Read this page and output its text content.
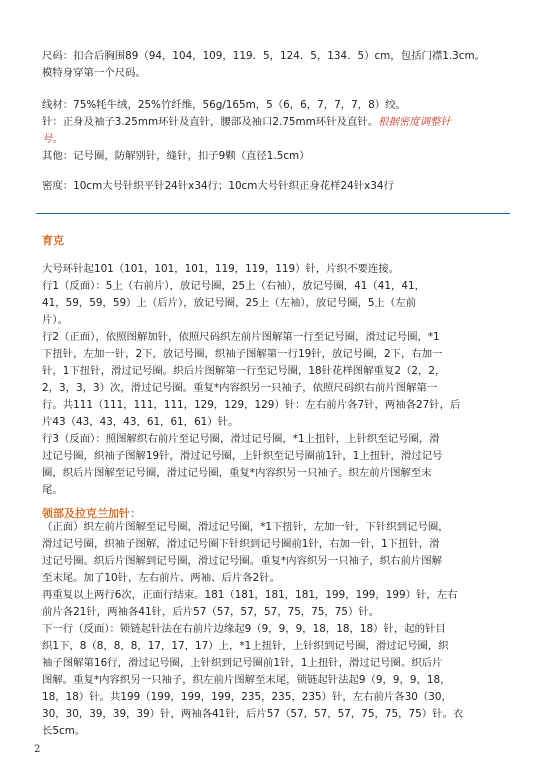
尺码：扣合后胸围89（94，104，109，119．5，124．5，134．5）cm，包括门襟1.3cm。
模特身穿第一个尺码。
线材：75%牦牛绒，25%竹纤维，56g/165m，5（6，6，7，7，7，8）绞。
针：正身及袖子3.25mm环针及直针，腰部及袖口2.75mm环针及直针。根据密度调整针
号。
其他：记号圈，防解别针，缝针，扣子9颗（直径1.5cm）
密度：10cm大号针织平针24针x34行；10cm大号针织正身花样24针x34行
育克
大号环针起101（101，101，101，119，119，119）针，片织不要连接。
行1（反面）：5上（右前片），放记号圈，25上（右袖），放记号圈，41（41，41，
41，59，59，59）上（后片），放记号圈，25上（左袖），放记号圈，5上（左前
片）。
行2（正面），依照图解加针，依照尺码织左前片图解第一行至记号圈，滑过记号圈，*1
下扭针，左加一针，2下，放记号圈，织袖子图解第一行19针，放记号圈，2下，右加一
针，1下扭针，滑过记号圈。织后片图解第一行至记号圈，18针花样图解重复2（2，2，
2，3，3，3）次，滑过记号圈。重复*内容织另一只袖子，依照尺码织右前片图解第一
行。共111（111，111，111，129，129，129）针：左右前片各7针，两袖各27针，后
片43（43，43，43，61，61，61）针。
行3（反面）：照图解织右前片至记号圈，滑过记号圈，*1上扭针，上针织至记号圈，滑
过记号圈，织袖子图解19针，滑过记号圈，上针织至记号圈前1针，1上扭针，滑过记号
圈，织后片图解至记号圈，滑过记号圈，重复*内容织另一只袖子。织左前片图解至末
尾。
领部及拉克兰加针：
（正面）织左前片图解至记号圈，滑过记号圈，*1下扭针，左加一针，下针织到记号圈，
滑过记号圈，织袖子图解，滑过记号圈下针织到记号圈前1针，右加一针，1下扭针，滑
过记号圈。织后片图解到记号圈，滑过记号圈。重复*内容织另一只袖子，织右前片图解
至末尾。加了10针，左右前片、两袖、后片各2针。
再重复以上两行6次，正面行结束。181（181，181，181，199，199，199）针，左右
前片各21针，两袖各41针，后片57（57，57，57，75，75，75）针。
下一行（反面）：锁链起针法在右前片边缘起9（9，9，9，18，18，18）针，起的针目
织1下，8（8，8，8，17，17，17）上，*1上扭针，上针织到记号圈，滑过记号圈，织
袖子图解第16行，滑过记号圈，上针织到记号圈前1针，1上扭针，滑过记号圈。织后片
图解。重复*内容织另一只袖子，织左前片图解至末尾，锁链起针法起9（9，9，9，18，
18，18）针。共199（199，199，199，235，235，235）针，左右前片各30（30，
30，30，39，39，39）针，两袖各41针，后片57（57，57，57，75，75，75）针。衣
长5cm。
2
